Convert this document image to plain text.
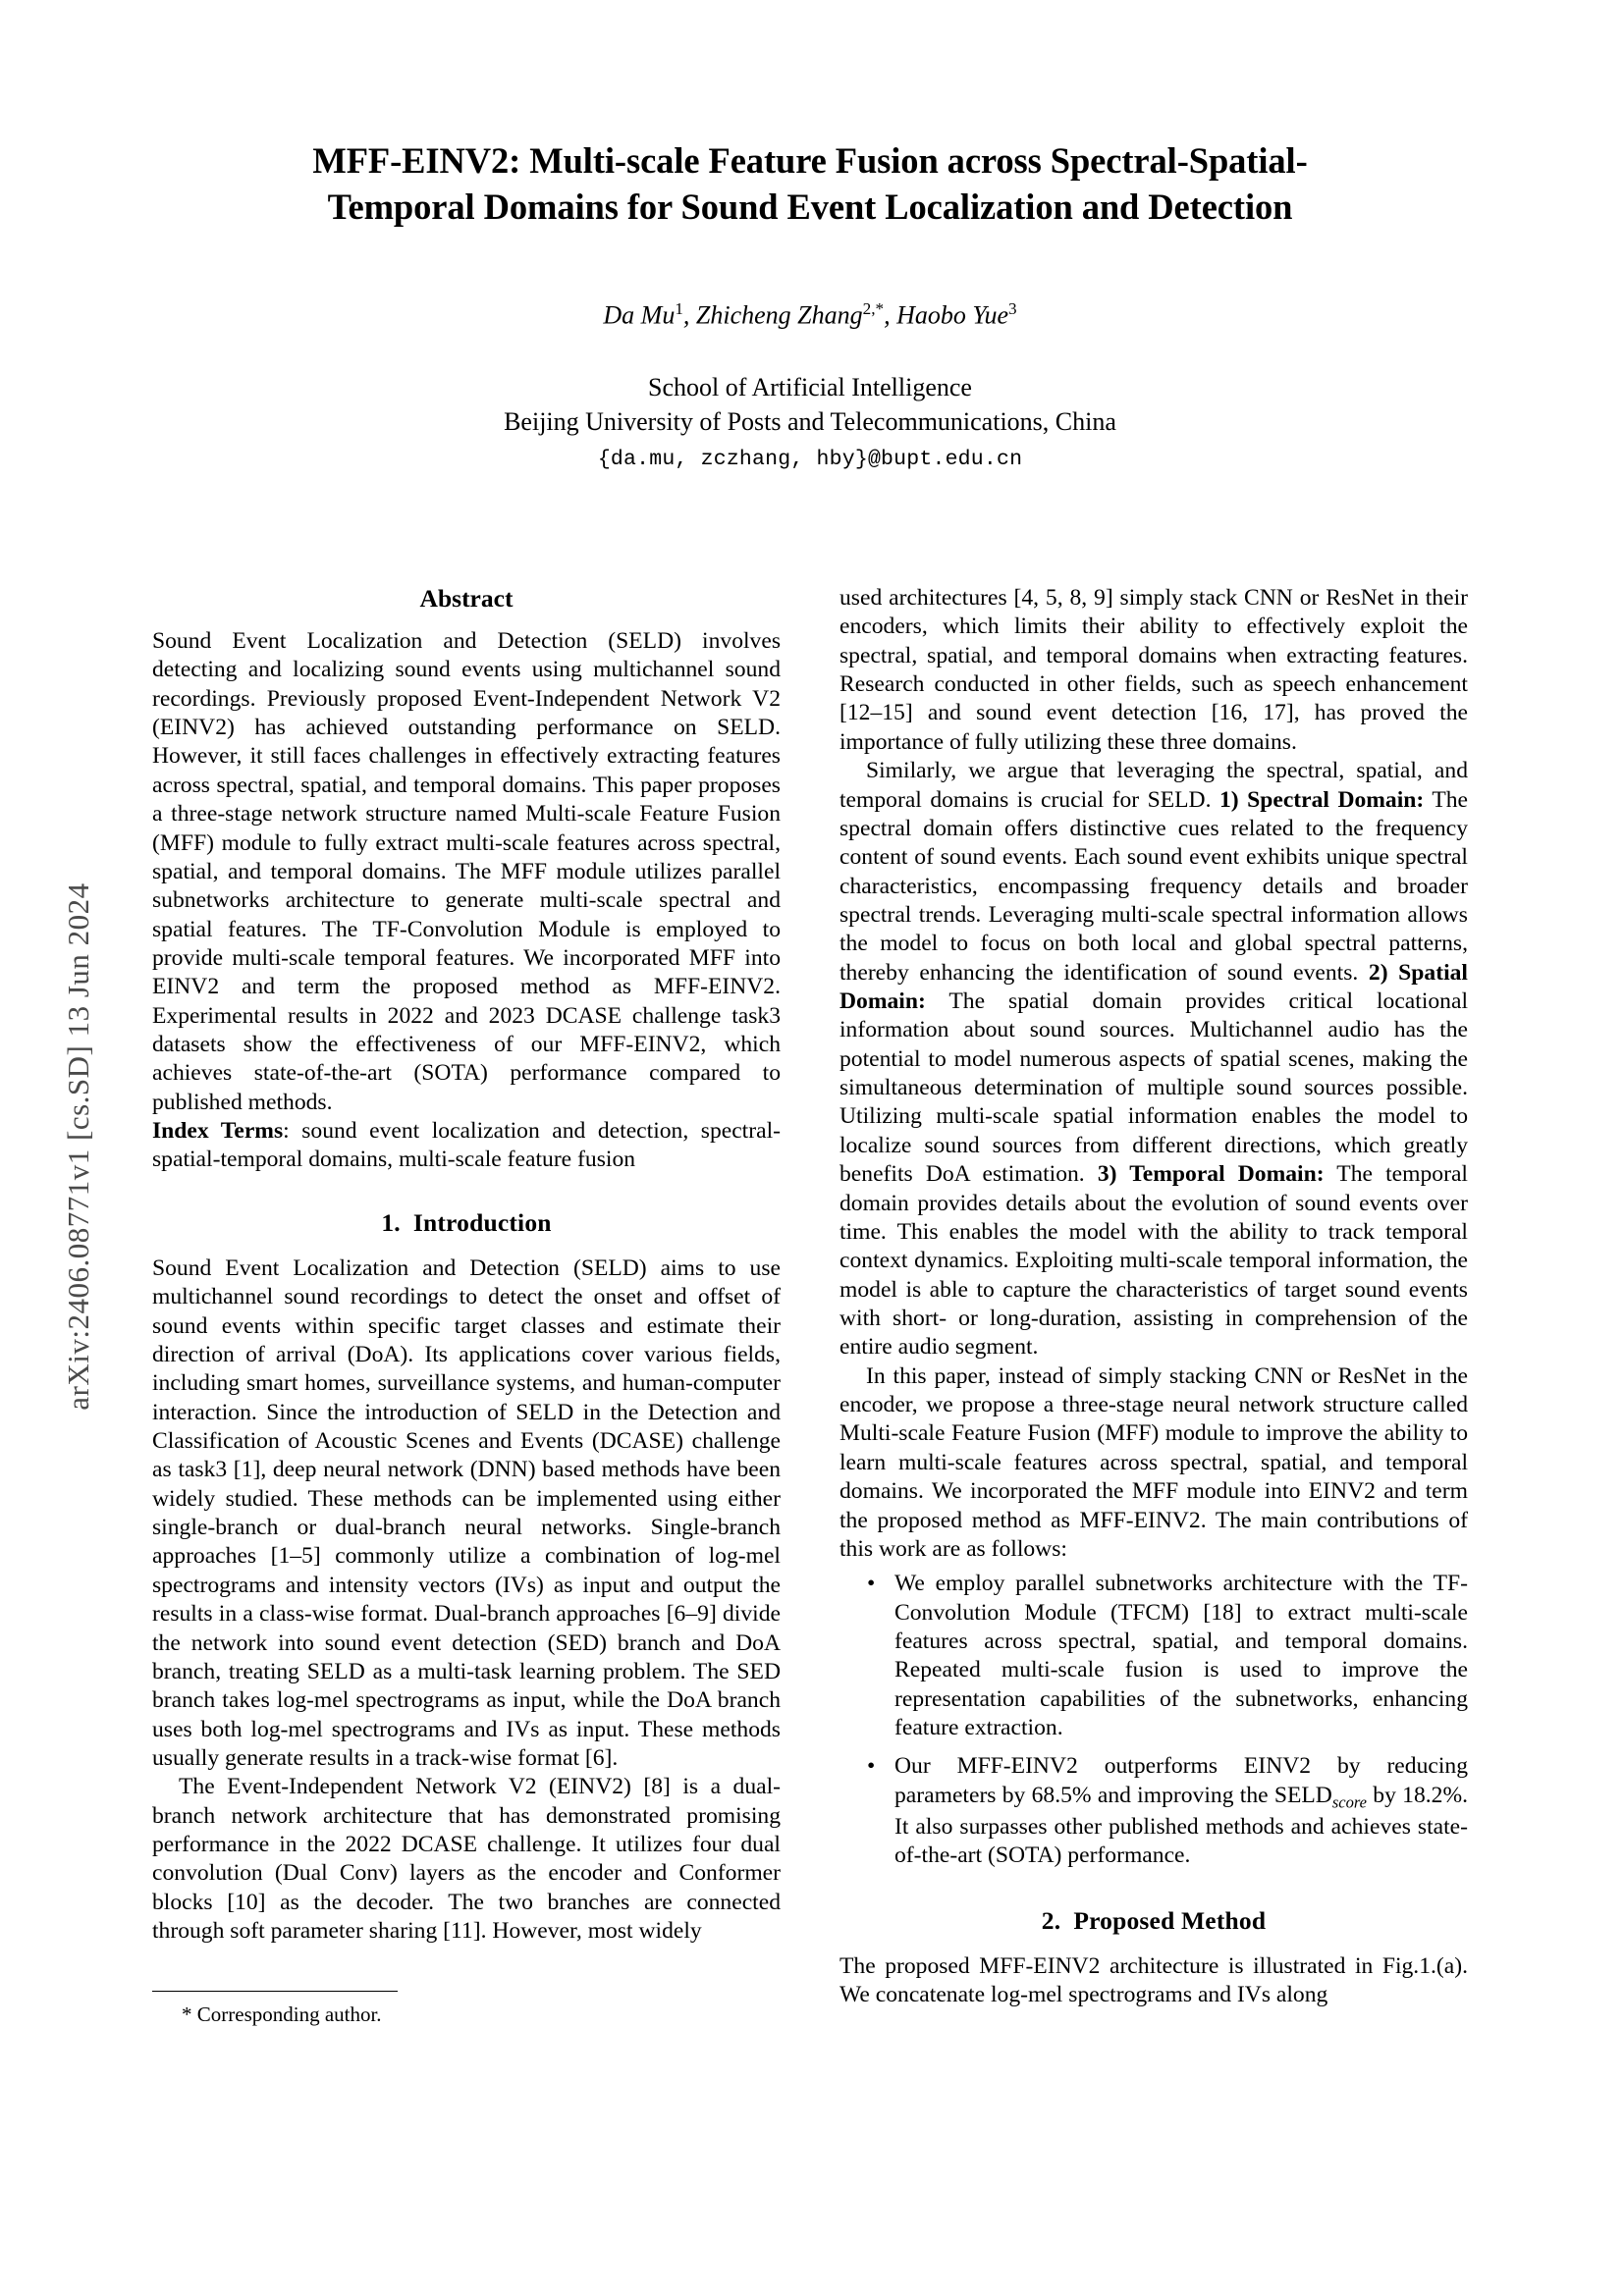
arXiv:2406.08771v1 [cs.SD] 13 Jun 2024
MFF-EINV2: Multi-scale Feature Fusion across Spectral-Spatial-Temporal Domains for Sound Event Localization and Detection
Da Mu$^1$, Zhicheng Zhang$^{2,*}$, Haobo Yue$^3$
School of Artificial Intelligence
Beijing University of Posts and Telecommunications, China
{da.mu, zczhang, hby}@bupt.edu.cn
Abstract

Sound Event Localization and Detection (SELD) involves detecting and localizing sound events using multichannel sound recordings. Previously proposed Event-Independent Network V2 (EINV2) has achieved outstanding performance on SELD. However, it still faces challenges in effectively extracting features across spectral, spatial, and temporal domains. This paper proposes a three-stage network structure named Multi-scale Feature Fusion (MFF) module to fully extract multi-scale features across spectral, spatial, and temporal domains. The MFF module utilizes parallel subnetworks architecture to generate multi-scale spectral and spatial features. The TF-Convolution Module is employed to provide multi-scale temporal features. We incorporated MFF into EINV2 and term the proposed method as MFF-EINV2. Experimental results in 2022 and 2023 DCASE challenge task3 datasets show the effectiveness of our MFF-EINV2, which achieves state-of-the-art (SOTA) performance compared to published methods.

Index Terms: sound event localization and detection, spectral-spatial-temporal domains, multi-scale feature fusion

1. Introduction

Sound Event Localization and Detection (SELD) aims to use multichannel sound recordings to detect the onset and offset of sound events within specific target classes and estimate their direction of arrival (DoA). Its applications cover various fields, including smart homes, surveillance systems, and human-computer interaction. Since the introduction of SELD in the Detection and Classification of Acoustic Scenes and Events (DCASE) challenge as task3 [1], deep neural network (DNN) based methods have been widely studied. These methods can be implemented using either single-branch or dual-branch neural networks. Single-branch approaches [1–5] commonly utilize a combination of log-mel spectrograms and intensity vectors (IVs) as input and output the results in a class-wise format. Dual-branch approaches [6–9] divide the network into sound event detection (SED) branch and DoA branch, treating SELD as a multi-task learning problem. The SED branch takes log-mel spectrograms as input, while the DoA branch uses both log-mel spectrograms and IVs as input. These methods usually generate results in a track-wise format [6].

The Event-Independent Network V2 (EINV2) [8] is a dual-branch network architecture that has demonstrated promising performance in the 2022 DCASE challenge. It utilizes four dual convolution (Dual Conv) layers as the encoder and Conformer blocks [10] as the decoder. The two branches are connected through soft parameter sharing [11]. However, most widely

used architectures [4, 5, 8, 9] simply stack CNN or ResNet in their encoders, which limits their ability to effectively exploit the spectral, spatial, and temporal domains when extracting features. Research conducted in other fields, such as speech enhancement [12–15] and sound event detection [16, 17], has proved the importance of fully utilizing these three domains.

Similarly, we argue that leveraging the spectral, spatial, and temporal domains is crucial for SELD. 1) Spectral Domain: The spectral domain offers distinctive cues related to the frequency content of sound events. Each sound event exhibits unique spectral characteristics, encompassing frequency details and broader spectral trends. Leveraging multi-scale spectral information allows the model to focus on both local and global spectral patterns, thereby enhancing the identification of sound events. 2) Spatial Domain: The spatial domain provides critical locational information about sound sources. Multichannel audio has the potential to model numerous aspects of spatial scenes, making the simultaneous determination of multiple sound sources possible. Utilizing multi-scale spatial information enables the model to localize sound sources from different directions, which greatly benefits DoA estimation. 3) Temporal Domain: The temporal domain provides details about the evolution of sound events over time. This enables the model with the ability to track temporal context dynamics. Exploiting multi-scale temporal information, the model is able to capture the characteristics of target sound events with short- or long-duration, assisting in comprehension of the entire audio segment.

In this paper, instead of simply stacking CNN or ResNet in the encoder, we propose a three-stage neural network structure called Multi-scale Feature Fusion (MFF) module to improve the ability to learn multi-scale features across spectral, spatial, and temporal domains. We incorporated the MFF module into EINV2 and term the proposed method as MFF-EINV2. The main contributions of this work are as follows:

• We employ parallel subnetworks architecture with the TF-Convolution Module (TFCM) [18] to extract multi-scale features across spectral, spatial, and temporal domains. Repeated multi-scale fusion is used to improve the representation capabilities of the subnetworks, enhancing feature extraction.
• Our MFF-EINV2 outperforms EINV2 by reducing parameters by 68.5% and improving the $SELD_{score}$ by 18.2%. It also surpasses other published methods and achieves state-of-the-art (SOTA) performance.
2. Proposed Method

The proposed MFF-EINV2 architecture is illustrated in Fig.1.(a). We concatenate log-mel spectrograms and IVs along

* Corresponding author.
